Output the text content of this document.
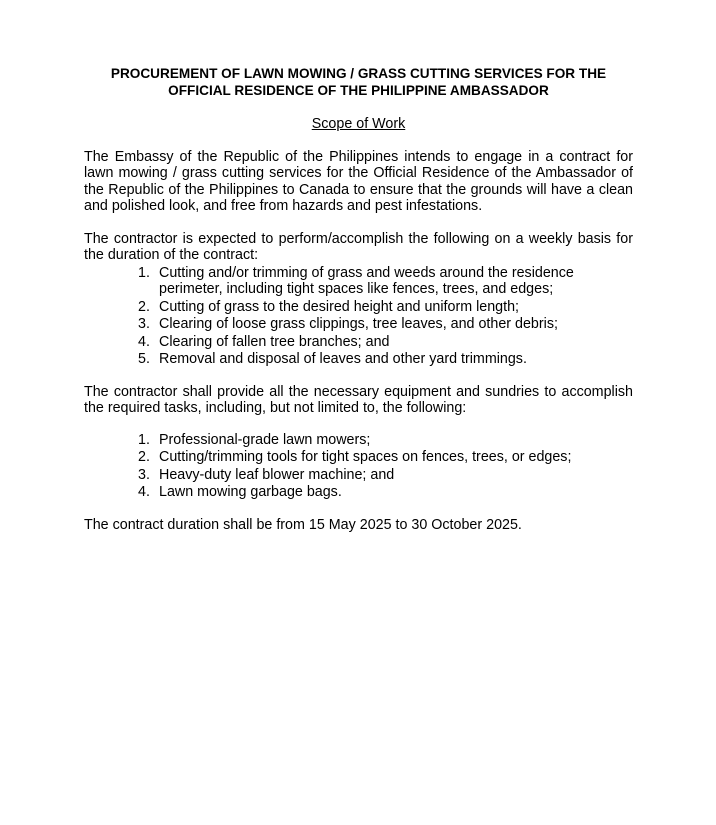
PROCUREMENT OF LAWN MOWING / GRASS CUTTING SERVICES FOR THE
OFFICIAL RESIDENCE OF THE PHILIPPINE AMBASSADOR

Scope of Work

The Embassy of the Republic of the Philippines intends to engage in a contract for lawn mowing / grass cutting services for the Official Residence of the Ambassador of the Republic of the Philippines to Canada to ensure that the grounds will have a clean and polished look, and free from hazards and pest infestations.

The contractor is expected to perform/accomplish the following on a weekly basis for the duration of the contract:

1. Cutting and/or trimming of grass and weeds around the residence perimeter, including tight spaces like fences, trees, and edges;
2. Cutting of grass to the desired height and uniform length;
3. Clearing of loose grass clippings, tree leaves, and other debris;
4. Clearing of fallen tree branches; and
5. Removal and disposal of leaves and other yard trimmings.

The contractor shall provide all the necessary equipment and sundries to accomplish the required tasks, including, but not limited to, the following:

1. Professional-grade lawn mowers;
2. Cutting/trimming tools for tight spaces on fences, trees, or edges;
3. Heavy-duty leaf blower machine; and
4. Lawn mowing garbage bags.

The contract duration shall be from 15 May 2025 to 30 October 2025.
